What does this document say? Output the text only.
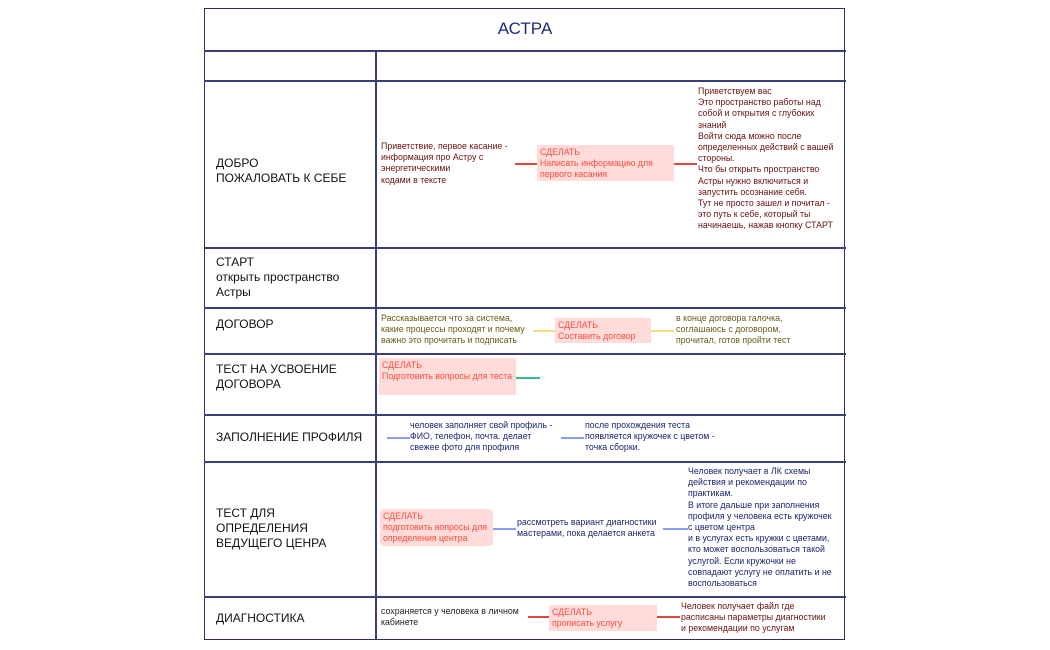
АСТРА
ДОБРО
ПОЖАЛОВАТЬ К СЕБЕ
Приветствие, первое касание -
информация про Астру с
энергетическими
кодами в тексте
СДЕЛАТЬ
Написать информацию для
первого касания
Приветствуем вас
Это пространство работы над
собой и открытия с глубоких
знаний
Войти сюда можно после
определенных действий с вашей
стороны.
Что бы открыть пространство
Астры нужно включиться и
запустить осознание себя.
Тут не просто зашел и почитал -
это путь к себе, который ты
начинаешь, нажав кнопку СТАРТ
СТАРТ
открыть пространство
Астры
ДОГОВОР	Рассказывается что за система,
какие процессы проходят и почему
важно это прочитать и подписать
СДЕЛАТЬ
Составить договор
в конце договора галочка,
соглашаюсь с договором,
прочитал, готов пройти тест
ТЕСТ НА УСВОЕНИЕ
ДОГОВОРА
СДЕЛАТЬ
Подготовить вопросы для теста
ЗАПОЛНЕНИЕ ПРОФИЛЯ
человек заполняет свой профиль -
ФИО, телефон, почта. делает
свежее фото для профиля
после прохождения теста
появляется кружочек с цветом -
точка сборки.
ТЕСТ ДЛЯ
ОПРЕДЕЛЕНИЯ
ВЕДУЩЕГО ЦЕНРА
СДЕЛАТЬ
подготовить вопросы для
определения центра
рассмотреть вариант диагностики
мастерами, пока делается анкета
Человек получает в ЛК схемы
действия и рекомендации по
практикам.
В итоге дальше при заполнения
профиля у человека есть кружочек
с цветом центра
и в услугах есть кружки с цветами,
кто может воспользоваться такой
услугой. Если кружочки не
совпадают услугу не оплатить и не
воспользоваться
ДИАГНОСТИКА	сохраняется у человека в личном
кабинете
СДЕЛАТЬ
прописать услугу
Человек получает файл где
расписаны параметры диагностики
и рекомендации по услугам
